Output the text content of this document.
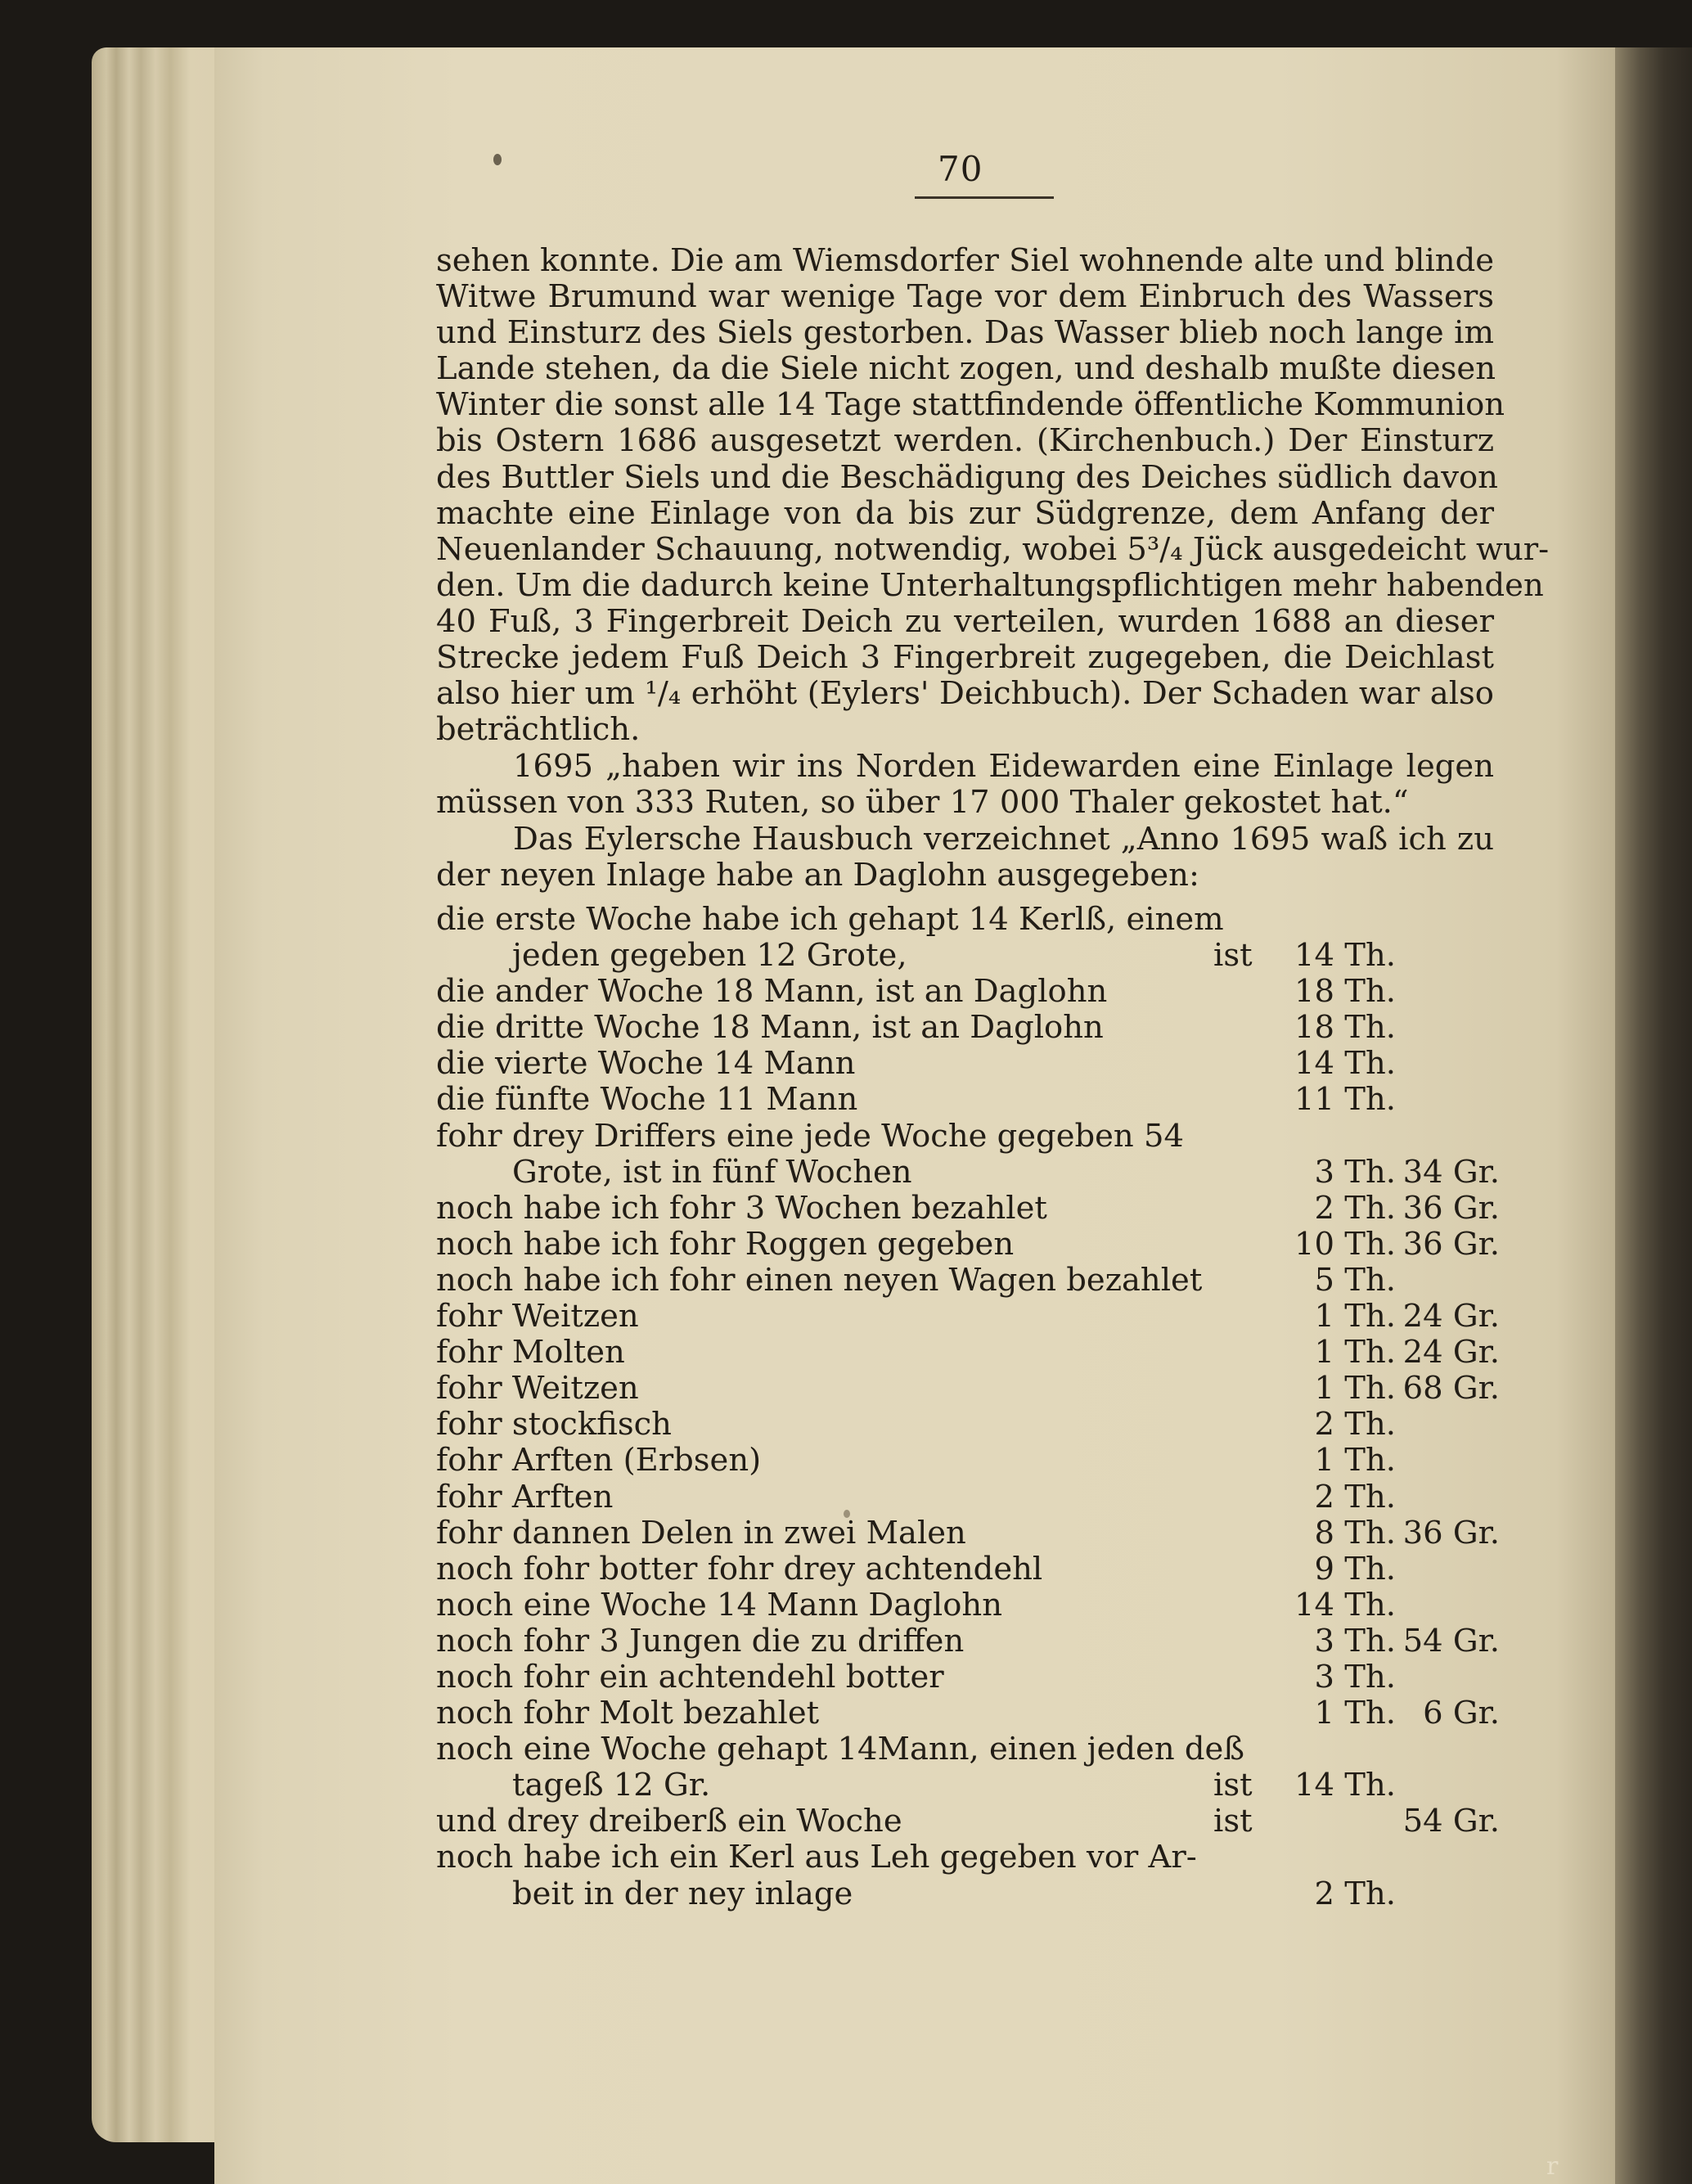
70
sehen konnte. Die am Wiemsdorfer Siel wohnende alte und blinde
Witwe Brumund war wenige Tage vor dem Einbruch des Wassers
und Einsturz des Siels gestorben. Das Wasser blieb noch lange im
Lande stehen, da die Siele nicht zogen, und deshalb mußte diesen
Winter die sonst alle 14 Tage stattfindende öffentliche Kommunion
bis Ostern 1686 ausgesetzt werden. (Kirchenbuch.) Der Einsturz
des Buttler Siels und die Beschädigung des Deiches südlich davon
machte eine Einlage von da bis zur Südgrenze, dem Anfang der
Neuenlander Schauung, notwendig, wobei 5³/₄ Jück ausgedeicht wur-
den. Um die dadurch keine Unterhaltungspflichtigen mehr habenden
40 Fuß, 3 Fingerbreit Deich zu verteilen, wurden 1688 an dieser
Strecke jedem Fuß Deich 3 Fingerbreit zugegeben, die Deichlast
also hier um ¹/₄ erhöht (Eylers' Deichbuch). Der Schaden war also
beträchtlich.
1695 „haben wir ins Norden Eidewarden eine Einlage legen
müssen von 333 Ruten, so über 17 000 Thaler gekostet hat.“
Das Eylersche Hausbuch verzeichnet „Anno 1695 waß ich zu
der neyen Inlage habe an Daglohn ausgegeben:
die erste Woche habe ich gehapt 14 Kerlß, einem
jeden gegeben 12 Grote,	ist 14 Th.
die ander Woche 18 Mann, ist an Daglohn	18 Th.
die dritte Woche 18 Mann, ist an Daglohn	18 Th.
die vierte Woche 14 Mann	14 Th.
die fünfte Woche 11 Mann	11 Th.
fohr drey Driffers eine jede Woche gegeben 54
Grote, ist in fünf Wochen	3 Th. 34 Gr.
noch habe ich fohr 3 Wochen bezahlet	2 Th. 36 Gr.
noch habe ich fohr Roggen gegeben	10 Th. 36 Gr.
noch habe ich fohr einen neyen Wagen bezahlet	5 Th.
fohr Weitzen	1 Th. 24 Gr.
fohr Molten	1 Th. 24 Gr.
fohr Weitzen	1 Th. 68 Gr.
fohr stockfisch	2 Th.
fohr Arften (Erbsen)	1 Th.
fohr Arften	2 Th.
fohr dannen Delen in zwei Malen	8 Th. 36 Gr.
noch fohr botter fohr drey achtendehl	9 Th.
noch eine Woche 14 Mann Daglohn	14 Th.
noch fohr 3 Jungen die zu driffen	3 Th. 54 Gr.
noch fohr ein achtendehl botter	3 Th.
noch fohr Molt bezahlet	1 Th. 6 Gr.
noch eine Woche gehapt 14Mann, einen jeden deß
tageß 12 Gr.	ist 14 Th.
und drey dreiberß ein Woche	ist	54 Gr.
noch habe ich ein Kerl aus Leh gegeben vor Ar-
beit in der ney inlage	2 Th.
r
